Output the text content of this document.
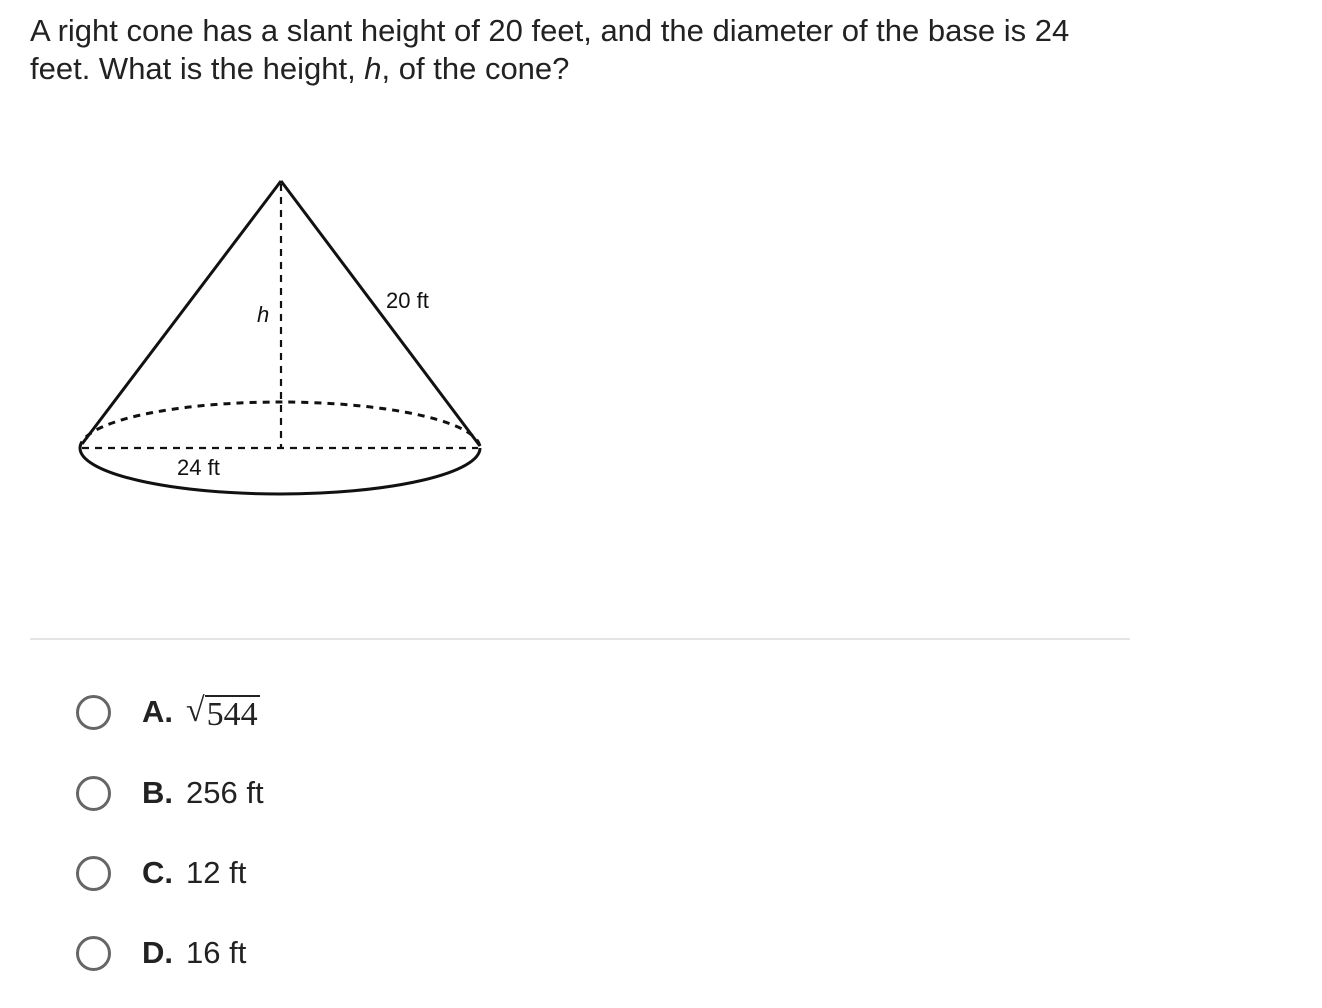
A right cone has a slant height of 20 feet, and the diameter of the base is 24 feet. What is the height, h, of the cone?
20 ft
h
24 ft
A. √ 544
B. 256 ft
C. 12 ft
D. 16 ft
